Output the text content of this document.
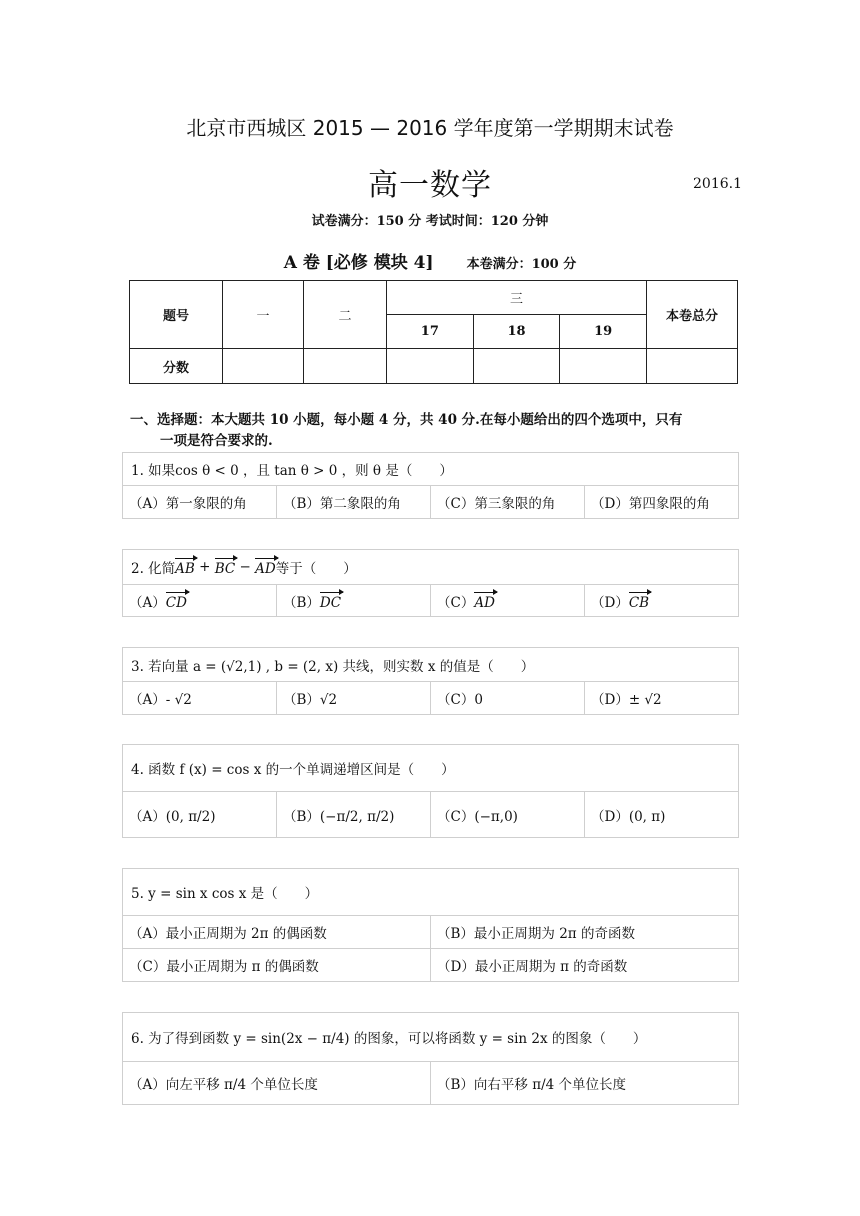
北京市西城区 2015 — 2016 学年度第一学期期末试卷
高一数学	2016.1
试卷满分：150 分 考试时间：120 分钟
A 卷 [必修 模块 4]	本卷满分：100 分
题号	一	二	三			本卷总分
			17	18	19	
分数						
一、选择题：本大题共 10 小题，每小题 4 分，共 40 分.在每小题给出的四个选项中，只有
一项是符合要求的.
1. 如果cos θ < 0 ，且 tan θ > 0 ，则 θ 是（　　）
（A）第一象限的角	（B）第二象限的角	（C）第三象限的角	（D）第四象限的角
2. 化简 AB + BC − AD 等于（　　）
（A） CD	（B） DC	（C） AD	（D） CB
3. 若向量 a = (√2,1) , b = (2, x) 共线，则实数 x 的值是（　　）
（A）- √2	（B）√2	（C）0	（D）± √2
4. 函数 f (x) = cos x 的一个单调递增区间是（　　）
（A）(0, π/2)	（B）(−π/2, π/2)	（C）(−π,0)	（D）(0, π)
5. y = sin x cos x 是（　　）
（A）最小正周期为 2π 的偶函数	（B）最小正周期为 2π 的奇函数
（C）最小正周期为 π 的偶函数	（D）最小正周期为 π 的奇函数
6. 为了得到函数 y = sin(2x − π/4) 的图象，可以将函数 y = sin 2x 的图象（　　）
（A）向左平移 π/4 个单位长度	（B）向右平移 π/4 个单位长度
